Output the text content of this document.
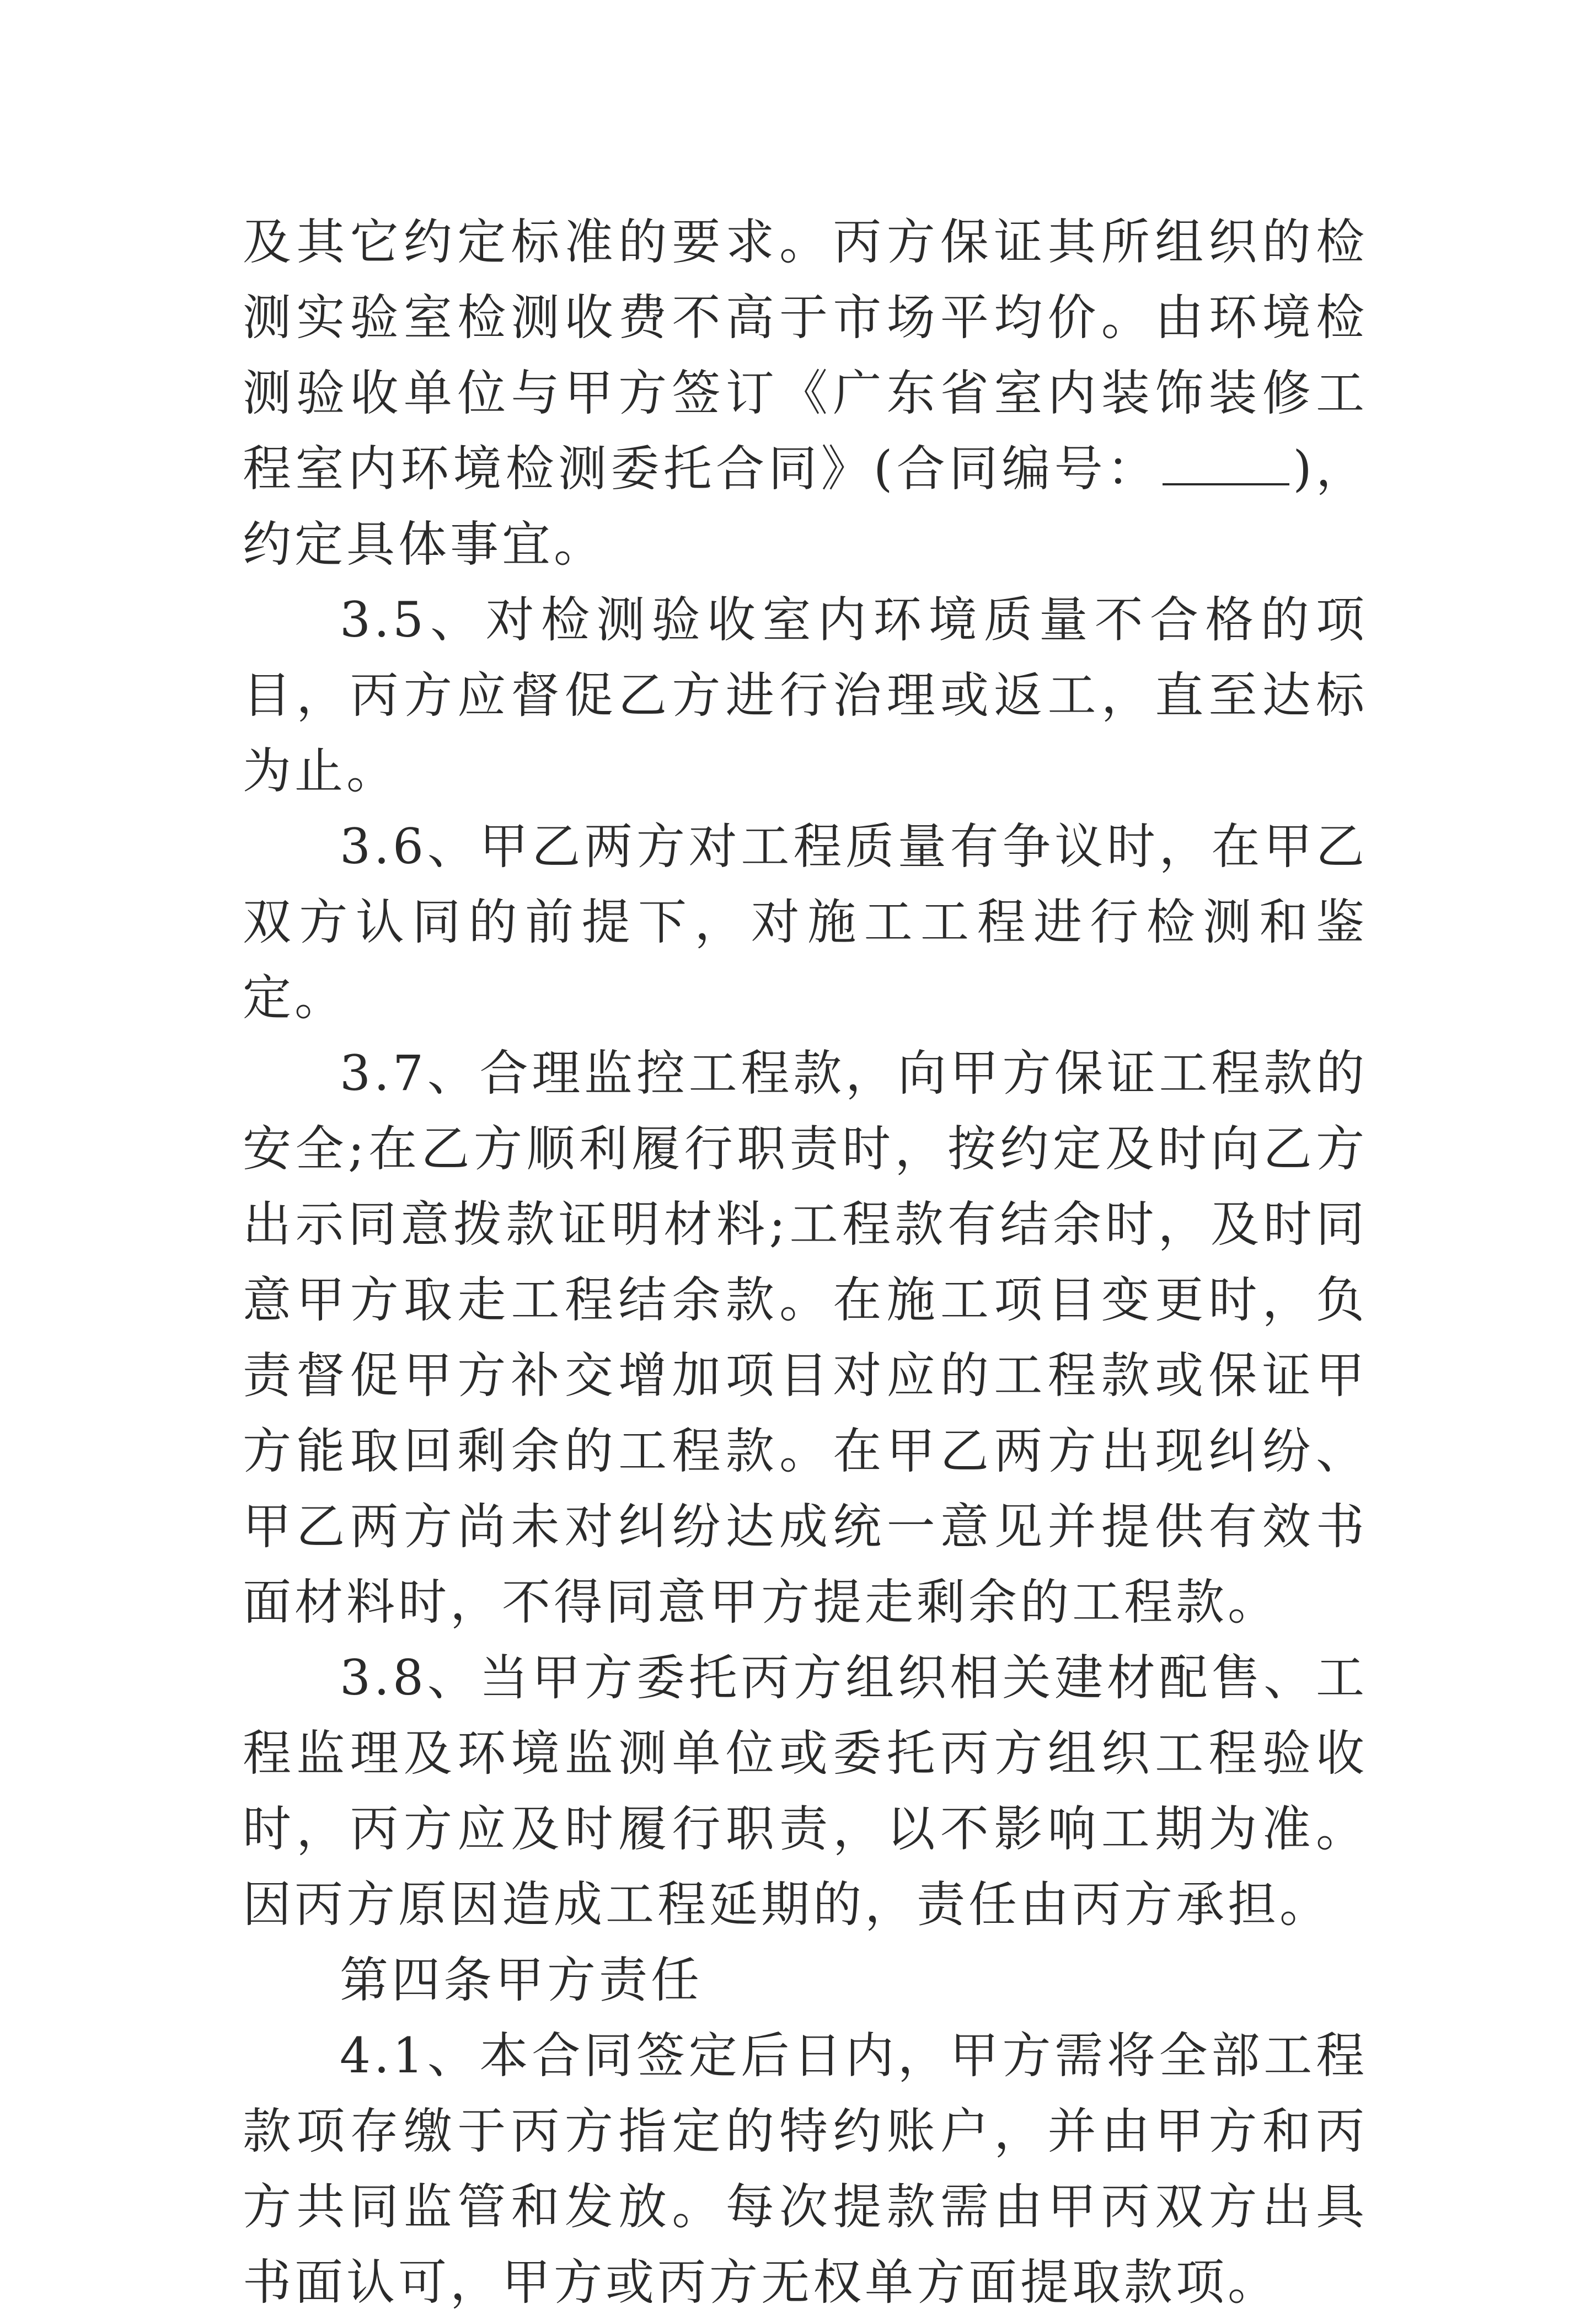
及其它约定标准的要求。丙方保证其所组织的检测实验室检测收费不高于市场平均价。由环境检测验收单位与甲方签订《广东省室内装饰装修工程室内环境检测委托合同》(合同编号：	)，约定具体事宜。

3.5、对检测验收室内环境质量不合格的项目，丙方应督促乙方进行治理或返工，直至达标为止。

3.6、甲乙两方对工程质量有争议时，在甲乙双方认同的前提下，对施工工程进行检测和鉴定。

3.7、合理监控工程款，向甲方保证工程款的安全;在乙方顺利履行职责时，按约定及时向乙方出示同意拨款证明材料;工程款有结余时，及时同意甲方取走工程结余款。在施工项目变更时，负责督促甲方补交增加项目对应的工程款或保证甲方能取回剩余的工程款。在甲乙两方出现纠纷、甲乙两方尚未对纠纷达成统一意见并提供有效书面材料时，不得同意甲方提走剩余的工程款。

3.8、当甲方委托丙方组织相关建材配售、工程监理及环境监测单位或委托丙方组织工程验收时，丙方应及时履行职责，以不影响工期为准。因丙方原因造成工程延期的，责任由丙方承担。

第四条甲方责任

4.1、本合同签定后日内，甲方需将全部工程款项存缴于丙方指定的特约账户，并由甲方和丙方共同监管和发放。每次提款需由甲丙双方出具书面认可，甲方或丙方无权单方面提取款项。
